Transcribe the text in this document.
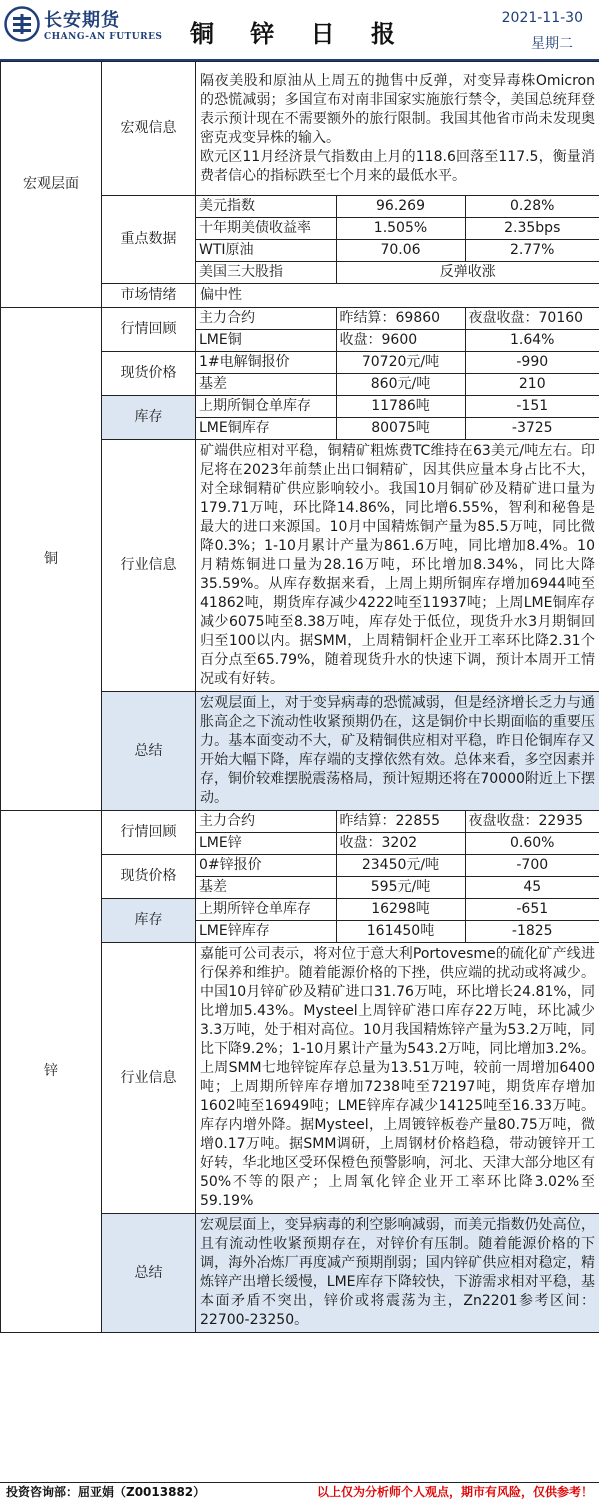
长安期货
CHANG-AN FUTURES	铜 锌 日 报
2021-11-30
星期二
宏观层面	宏观信息	
隔夜美股和原油从上周五的抛售中反弹，对变异毒株Omicron的恐慌减弱；多国宣布对南非国家实施旅行禁令，美国总统拜登表示预计现在不需要额外的旅行限制。我国其他省市尚未发现奥密克戎变异株的输入。
欧元区11月经济景气指数由上月的118.6回落至117.5，衡量消费者信心的指标跌至七个月来的最低水平。

重点数据	
美元指数	96.269	0.28%
十年期美债收益率	1.505%	2.35bps
WTI原油	70.06	2.77%
美国三大股指	反弹收涨

市场情绪	偏中性
铜	行情回顾	
主力合约	昨结算：69860	夜盘收盘：70160
LME铜	收盘：9600	1.64%

现货价格	
1#电解铜报价	70720元/吨	-990
基差	860元/吨	210

库存	
上期所铜仓单库存	11786吨	-151
LME铜库存	80075吨	-3725

行业信息	矿端供应相对平稳，铜精矿粗炼费TC维持在63美元/吨左右。印尼将在2023年前禁止出口铜精矿，因其供应量本身占比不大，对全球铜精矿供应影响较小。我国10月铜矿砂及精矿进口量为179.71万吨，环比降14.86%，同比增6.55%，智利和秘鲁是最大的进口来源国。10月中国精炼铜产量为85.5万吨，同比微降0.3%；1-10月累计产量为861.6万吨，同比增加8.4%。10月精炼铜进口量为28.16万吨，环比增加8.34%，同比大降35.59%。从库存数据来看，上周上期所铜库存增加6944吨至41862吨，期货库存减少4222吨至11937吨；上周LME铜库存减少6075吨至8.38万吨，库存处于低位，现货升水3月期铜回归至100以内。据SMM，上周精铜杆企业开工率环比降2.31个百分点至65.79%，随着现货升水的快速下调，预计本周开工情况或有好转。
总结	宏观层面上，对于变异病毒的恐慌减弱，但是经济增长乏力与通胀高企之下流动性收紧预期仍在，这是铜价中长期面临的重要压力。基本面变动不大，矿及精铜供应相对平稳，昨日伦铜库存又开始大幅下降，库存端的支撑依然有效。总体来看，多空因素并存，铜价较难摆脱震荡格局，预计短期还将在70000附近上下摆动。
锌	行情回顾	
主力合约	昨结算：22855	夜盘收盘：22935
LME锌	收盘：3202	0.60%

现货价格	
0#锌报价	23450元/吨	-700
基差	595元/吨	45

库存	
上期所锌仓单库存	16298吨	-651
LME锌库存	161450吨	-1825

行业信息	嘉能可公司表示，将对位于意大利Portovesme的硫化矿产线进行保养和维护。随着能源价格的下挫，供应端的扰动或将减少。中国10月锌矿砂及精矿进口31.76万吨，环比增长24.81%，同比增加5.43%。Mysteel上周锌矿港口库存22万吨，环比减少3.3万吨，处于相对高位。10月我国精炼锌产量为53.2万吨，同比下降9.2%；1-10月累计产量为543.2万吨，同比增加3.2%。上周SMM七地锌锭库存总量为13.51万吨，较前一周增加6400吨；上周期所锌库存增加7238吨至72197吨，期货库存增加1602吨至16949吨；LME锌库存减少14125吨至16.33万吨。库存内增外降。据Mysteel，上周镀锌板卷产量80.75万吨，微增0.17万吨。据SMM调研，上周钢材价格趋稳，带动镀锌开工好转，华北地区受环保橙色预警影响，河北、天津大部分地区有50%不等的限产；上周氧化锌企业开工率环比降3.02%至59.19%
总结	宏观层面上，变异病毒的利空影响减弱，而美元指数仍处高位，且有流动性收紧预期存在，对锌价有压制。随着能源价格的下调，海外冶炼厂再度减产预期削弱；国内锌矿供应相对稳定，精炼锌产出增长缓慢，LME库存下降较快，下游需求相对平稳，基本面矛盾不突出，锌价或将震荡为主，Zn2201参考区间：22700-23250。
投资咨询部：屈亚娟（Z0013882）	以上仅为分析师个人观点，期市有风险，仅供参考！
